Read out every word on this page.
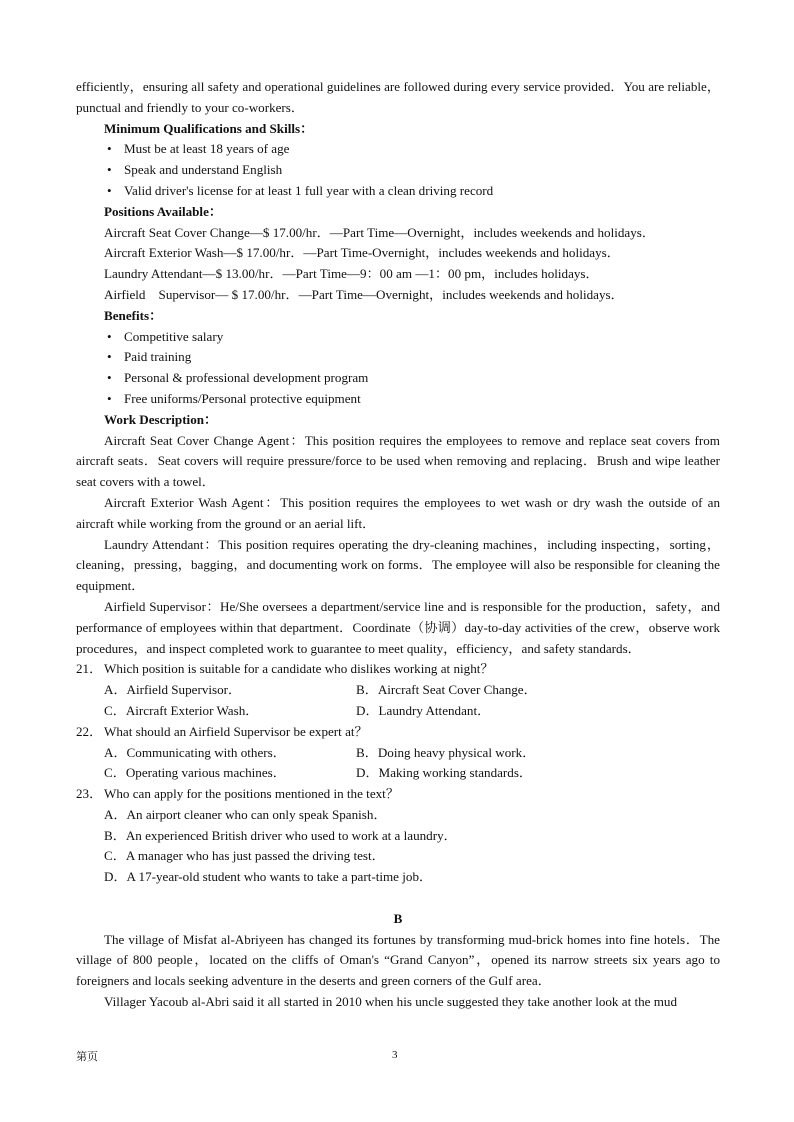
efficiently，ensuring all safety and operational guidelines are followed during every service provided．You are reliable，punctual and friendly to your co-workers．

Minimum Qualifications and Skills：
• Must be at least 18 years of age
• Speak and understand English
• Valid driver's license for at least 1 full year with a clean driving record
Positions Available：
Aircraft Seat Cover Change—$ 17.00/hr．—Part Time—Overnight，includes weekends and holidays．
Aircraft Exterior Wash—$ 17.00/hr．—Part Time-Overnight，includes weekends and holidays．
Laundry Attendant—$ 13.00/hr．—Part Time—9：00 am —1：00 pm，includes holidays．
Airfield    Supervisor— $ 17.00/hr．—Part Time—Overnight，includes weekends and holidays．
Benefits：
• Competitive salary
• Paid training
• Personal & professional development program
• Free uniforms/Personal protective equipment
Work Description：

Aircraft Seat Cover Change Agent：This position requires the employees to remove and replace seat covers from aircraft seats．Seat covers will require pressure/force to be used when removing and replacing．Brush and wipe leather seat covers with a towel．

Aircraft Exterior Wash Agent：This position requires the employees to wet wash or dry wash the outside of an aircraft while working from the ground or an aerial lift．

Laundry Attendant：This position requires operating the dry-cleaning machines，including inspecting，sorting，cleaning，pressing，bagging，and documenting work on forms．The employee will also be responsible for cleaning the equipment．

Airfield Supervisor：He/She oversees a department/service line and is responsible for the production，safety，and performance of employees within that department．Coordinate（协调）day-to-day activities of the crew，observe work procedures，and inspect completed work to guarantee to meet quality，efficiency，and safety standards．

21． Which position is suitable for a candidate who dislikes working at night？
A．Airfield Supervisor．	B．Aircraft Seat Cover Change．
C．Aircraft Exterior Wash．	D．Laundry Attendant．
22． What should an Airfield Supervisor be expert at？
A．Communicating with others．	B．Doing heavy physical work．
C．Operating various machines．	D．Making working standards．
23． Who can apply for the positions mentioned in the text？
A．An airport cleaner who can only speak Spanish．
B．An experienced British driver who used to work at a laundry．
C．A manager who has just passed the driving test．
D．A 17-year-old student who wants to take a part-time job．
B

The village of Misfat al-Abriyeen has changed its fortunes by transforming mud-brick homes into fine hotels．The village of 800 people，located on the cliffs of Oman's “Grand Canyon”，opened its narrow streets six years ago to foreigners and locals seeking adventure in the deserts and green corners of the Gulf area．

Villager Yacoub al-Abri said it all started in 2010 when his uncle suggested they take another look at the mud

第页	3
